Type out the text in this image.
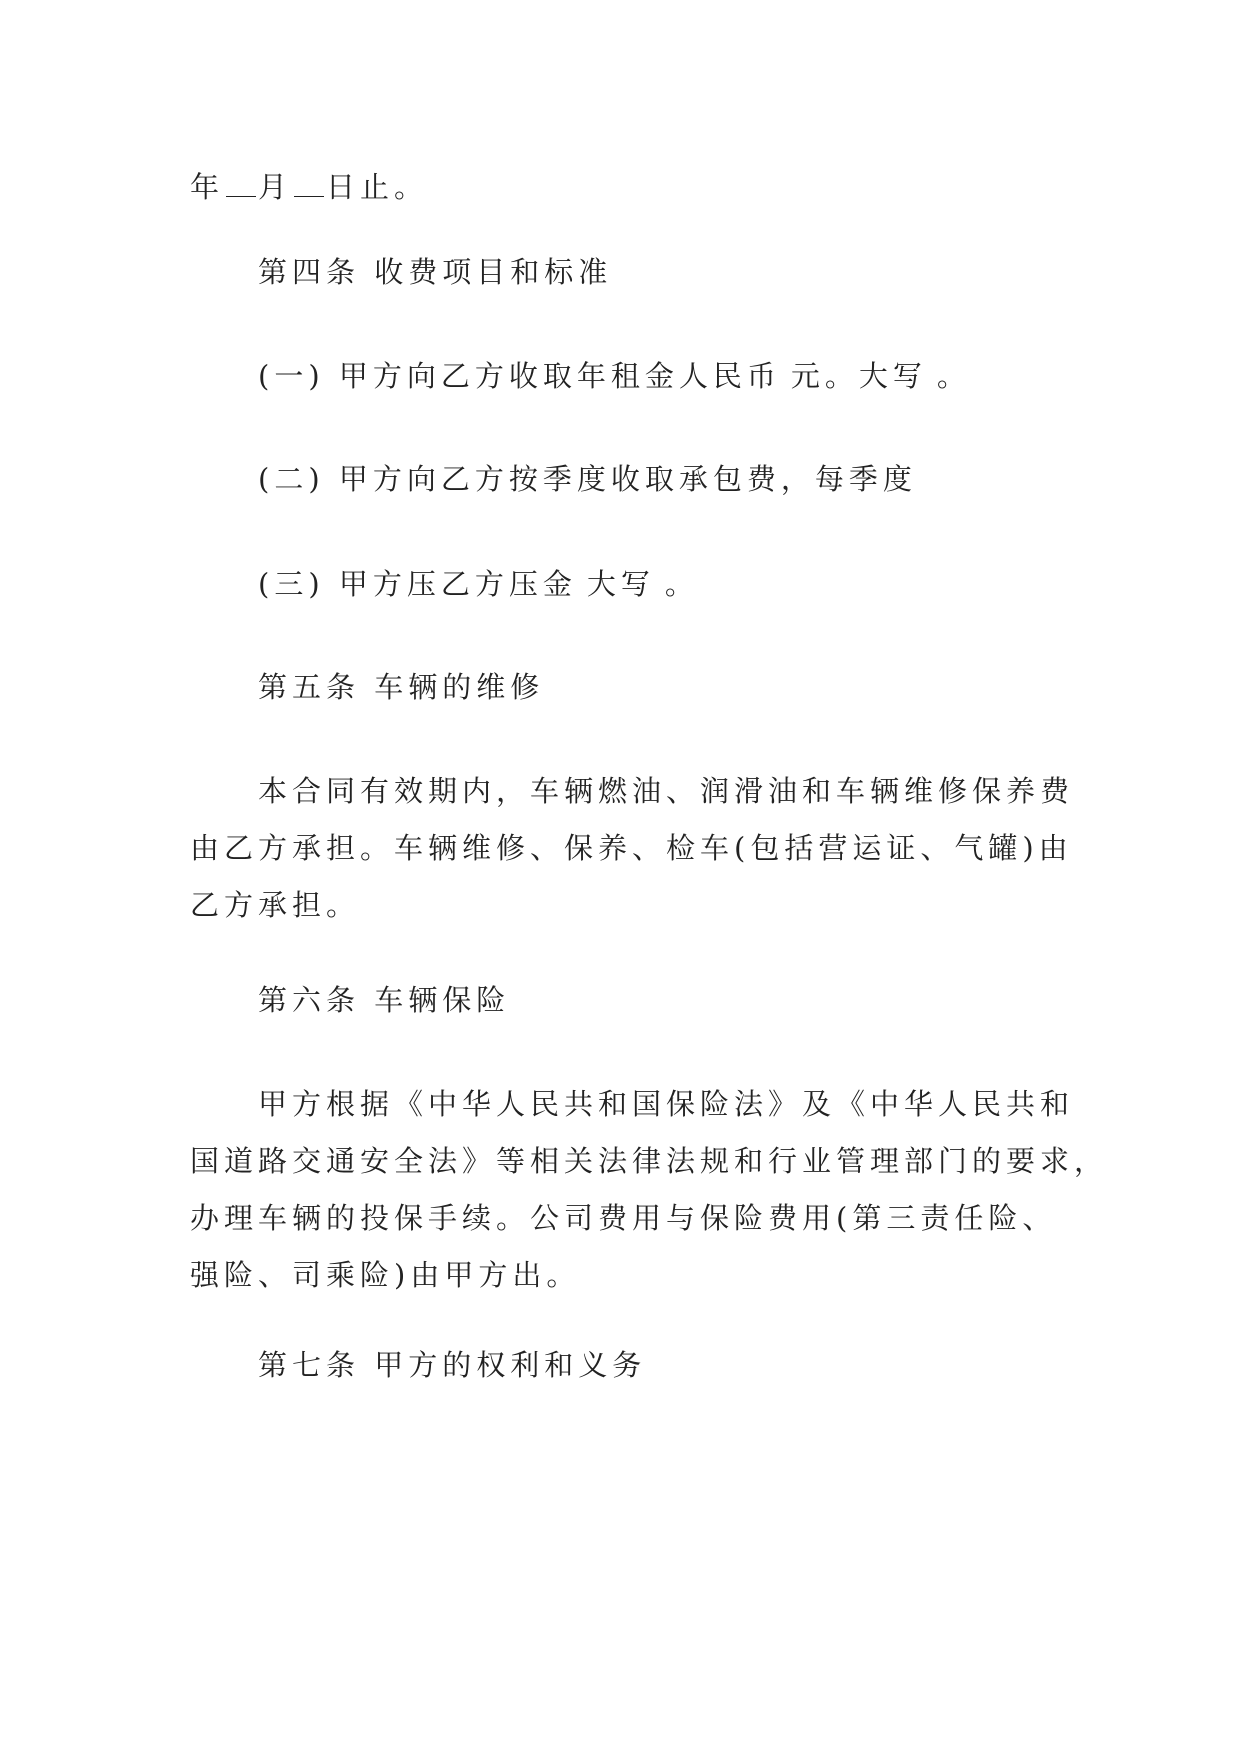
年 月 日止。

第四条 收费项目和标准

(一) 甲方向乙方收取年租金人民币 元。大写 。

(二) 甲方向乙方按季度收取承包费，每季度

(三) 甲方压乙方压金 大写 。

第五条 车辆的维修

　　本合同有效期内，车辆燃油、润滑油和车辆维修保养费
由乙方承担。车辆维修、保养、检车(包括营运证、气罐)由
乙方承担。

第六条 车辆保险

　　甲方根据《中华人民共和国保险法》及《中华人民共和
国道路交通安全法》等相关法律法规和行业管理部门的要求，
办理车辆的投保手续。公司费用与保险费用(第三责任险、
强险、司乘险)由甲方出。

第七条 甲方的权利和义务
